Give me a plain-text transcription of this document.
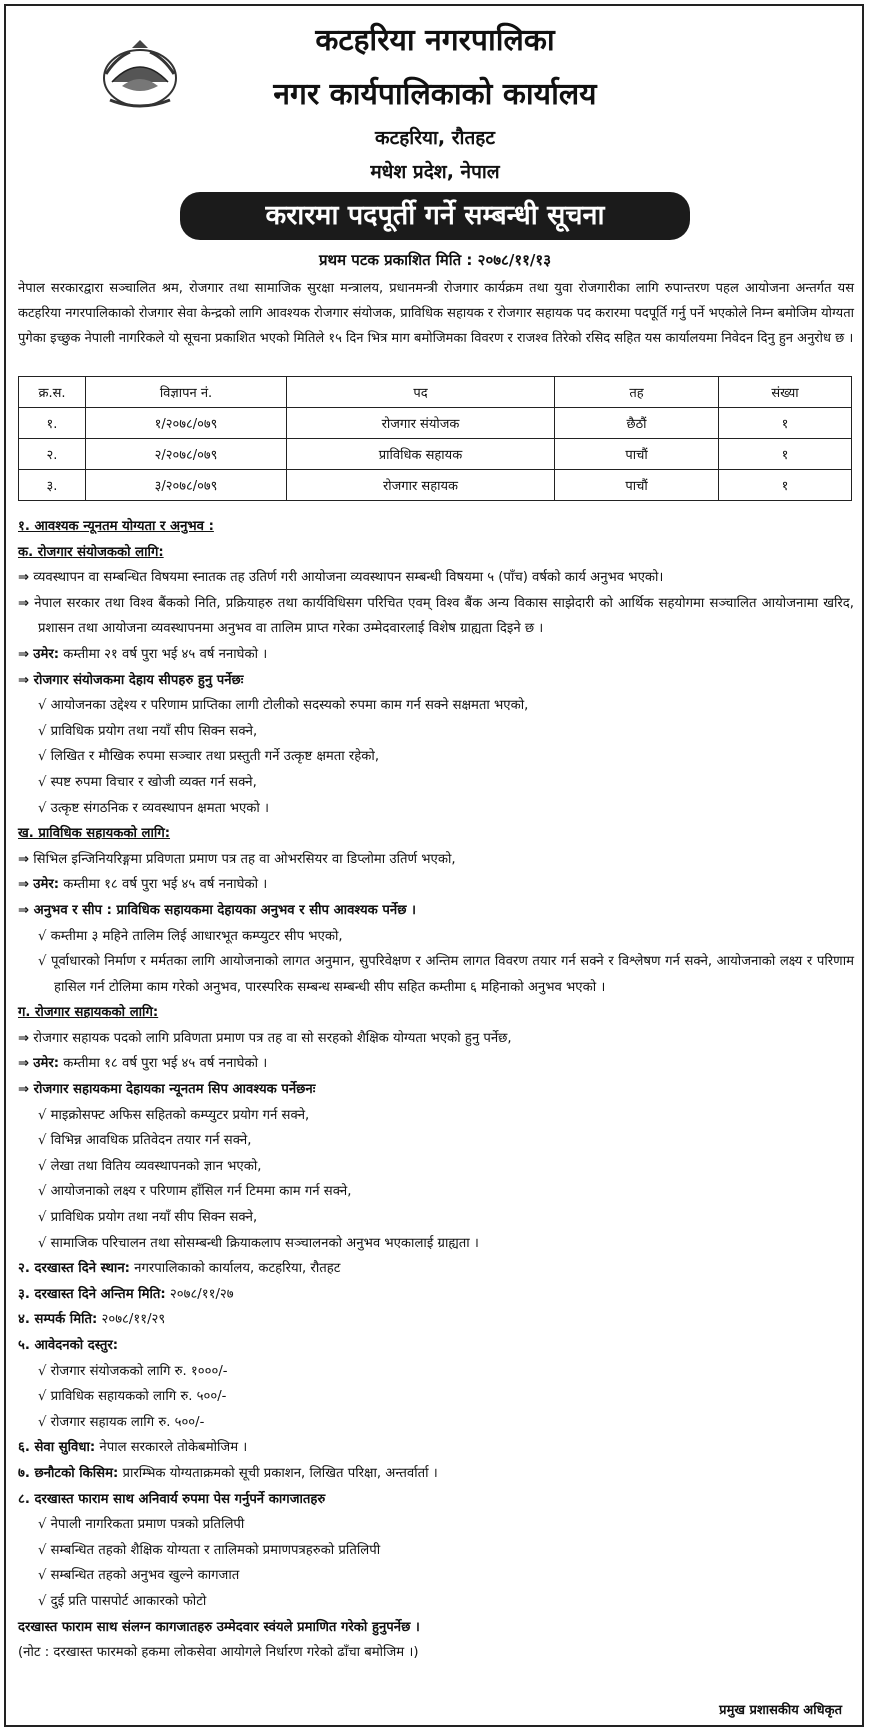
कटहरिया नगरपालिका
नगर कार्यपालिकाको कार्यालय
कटहरिया, रौतहट
मधेश प्रदेश, नेपाल
करारमा पदपूर्ती गर्ने सम्बन्धी सूचना
प्रथम पटक प्रकाशित मिति : २०७८/११/१३
नेपाल सरकारद्वारा सञ्चालित श्रम, रोजगार तथा सामाजिक सुरक्षा मन्त्रालय, प्रधानमन्त्री रोजगार कार्यक्रम तथा युवा रोजगारीका लागि रुपान्तरण पहल आयोजना अन्तर्गत यस कटहरिया नगरपालिकाको रोजगार सेवा केन्द्रको लागि आवश्यक रोजगार संयोजक, प्राविधिक सहायक र रोजगार सहायक पद करारमा पदपूर्ति गर्नु पर्ने भएकोले निम्न बमोजिम योग्यता पुगेका इच्छुक नेपाली नागरिकले यो सूचना प्रकाशित भएको मितिले १५ दिन भित्र माग बमोजिमका विवरण र राजश्व तिरेको रसिद सहित यस कार्यालयमा निवेदन दिनु हुन अनुरोध छ ।
क्र.स.	विज्ञापन नं.	पद	तह	संख्या
१.	१/२०७८/०७९	रोजगार संयोजक	छैठौं	१
२.	२/२०७८/०७९	प्राविधिक सहायक	पाचौं	१
३.	३/२०७८/०७९	रोजगार सहायक	पाचौं	१
१. आवश्यक न्यूनतम योग्यता र अनुभव :
क. रोजगार संयोजकको लागि:
⇒ व्यवस्थापन वा सम्बन्धित विषयमा स्नातक तह उतिर्ण गरी आयोजना व्यवस्थापन सम्बन्धी विषयमा ५ (पाँच) वर्षको कार्य अनुभव भएको।
⇒ नेपाल सरकार तथा विश्व बैंकको निति, प्रक्रियाहरु तथा कार्यविधिसग परिचित एवम् विश्व बैंक अन्य विकास साझेदारी को आर्थिक सहयोगमा सञ्चालित आयोजनामा खरिद, प्रशासन तथा आयोजना व्यवस्थापनमा अनुभव वा तालिम प्राप्त गरेका उम्मेदवारलाई विशेष ग्राह्यता दिइने छ ।
⇒ उमेर: कम्तीमा २१ वर्ष पुरा भई ४५ वर्ष ननाघेको ।
⇒ रोजगार संयोजकमा देहाय सीपहरु हुनु पर्नेछः
√ आयोजनका उद्देश्य र परिणाम प्राप्तिका लागी टोलीको सदस्यको रुपमा काम गर्न सक्ने सक्षमता भएको,
√ प्राविधिक प्रयोग तथा नयाँ सीप सिक्न सक्ने,
√ लिखित र मौखिक रुपमा सञ्चार तथा प्रस्तुती गर्ने उत्कृष्ट क्षमता रहेको,
√ स्पष्ट रुपमा विचार र खोजी व्यक्त गर्न सक्ने,
√ उत्कृष्ट संगठनिक र व्यवस्थापन क्षमता भएको ।
ख. प्राविधिक सहायकको लागि:
⇒ सिभिल इन्जिनियरिङ्गमा प्रविणता प्रमाण पत्र तह वा ओभरसियर वा डिप्लोमा उतिर्ण भएको,
⇒ उमेर: कम्तीमा १८ वर्ष पुरा भई ४५ वर्ष ननाघेको ।
⇒ अनुभव र सीप : प्राविधिक सहायकमा देहायका अनुभव र सीप आवश्यक पर्नेछ ।
√ कम्तीमा ३ महिने तालिम लिई आधारभूत कम्प्युटर सीप भएको,
√ पूर्वाधारको निर्माण र मर्मतका लागि आयोजनाको लागत अनुमान, सुपरिवेक्षण र अन्तिम लागत विवरण तयार गर्न सक्ने र विश्लेषण गर्न सक्ने, आयोजनाको लक्ष्य र परिणाम हासिल गर्न टोलिमा काम गरेको अनुभव, पारस्परिक सम्बन्ध सम्बन्धी सीप सहित कम्तीमा ६ महिनाको अनुभव भएको ।
ग. रोजगार सहायकको लागि:
⇒ रोजगार सहायक पदको लागि प्रविणता प्रमाण पत्र तह वा सो सरहको शैक्षिक योग्यता भएको हुनु पर्नेछ,
⇒ उमेर: कम्तीमा १८ वर्ष पुरा भई ४५ वर्ष ननाघेको ।
⇒ रोजगार सहायकमा देहायका न्यूनतम सिप आवश्यक पर्नेछनः
√ माइक्रोसफ्ट अफिस सहितको कम्प्युटर प्रयोग गर्न सक्ने,
√ विभिन्न आवधिक प्रतिवेदन तयार गर्न सक्ने,
√ लेखा तथा वितिय व्यवस्थापनको ज्ञान भएको,
√ आयोजनाको लक्ष्य र परिणाम हाँसिल गर्न टिममा काम गर्न सक्ने,
√ प्राविधिक प्रयोग तथा नयाँ सीप सिक्न सक्ने,
√ सामाजिक परिचालन तथा सोसम्बन्धी क्रियाकलाप सञ्चालनको अनुभव भएकालाई ग्राह्यता ।
२. दरखास्त दिने स्थान: नगरपालिकाको कार्यालय, कटहरिया, रौतहट
३. दरखास्त दिने अन्तिम मिति: २०७८/११/२७
४. सम्पर्क मिति: २०७८/११/२९
५. आवेदनको दस्तुर:
√ रोजगार संयोजकको लागि रु. १०००/-
√ प्राविधिक सहायकको लागि रु. ५००/-
√ रोजगार सहायक लागि रु. ५००/-
६. सेवा सुविधा: नेपाल सरकारले तोकेबमोजिम ।
७. छनौटको किसिम: प्रारम्भिक योग्यताक्रमको सूची प्रकाशन, लिखित परिक्षा, अन्तर्वार्ता ।
८. दरखास्त फाराम साथ अनिवार्य रुपमा पेस गर्नुपर्ने कागजातहरु
√ नेपाली नागरिकता प्रमाण पत्रको प्रतिलिपी
√ सम्बन्धित तहको शैक्षिक योग्यता र तालिमको प्रमाणपत्रहरुको प्रतिलिपी
√ सम्बन्धित तहको अनुभव खुल्ने कागजात
√ दुई प्रति पासपोर्ट आकारको फोटो
दरखास्त फाराम साथ संलग्न कागजातहरु उम्मेदवार स्वंयले प्रमाणित गरेको हुनुपर्नेछ ।
(नोट : दरखास्त फारमको हकमा लोकसेवा आयोगले निर्धारण गरेको ढाँचा बमोजिम ।)
प्रमुख प्रशासकीय अधिकृत
